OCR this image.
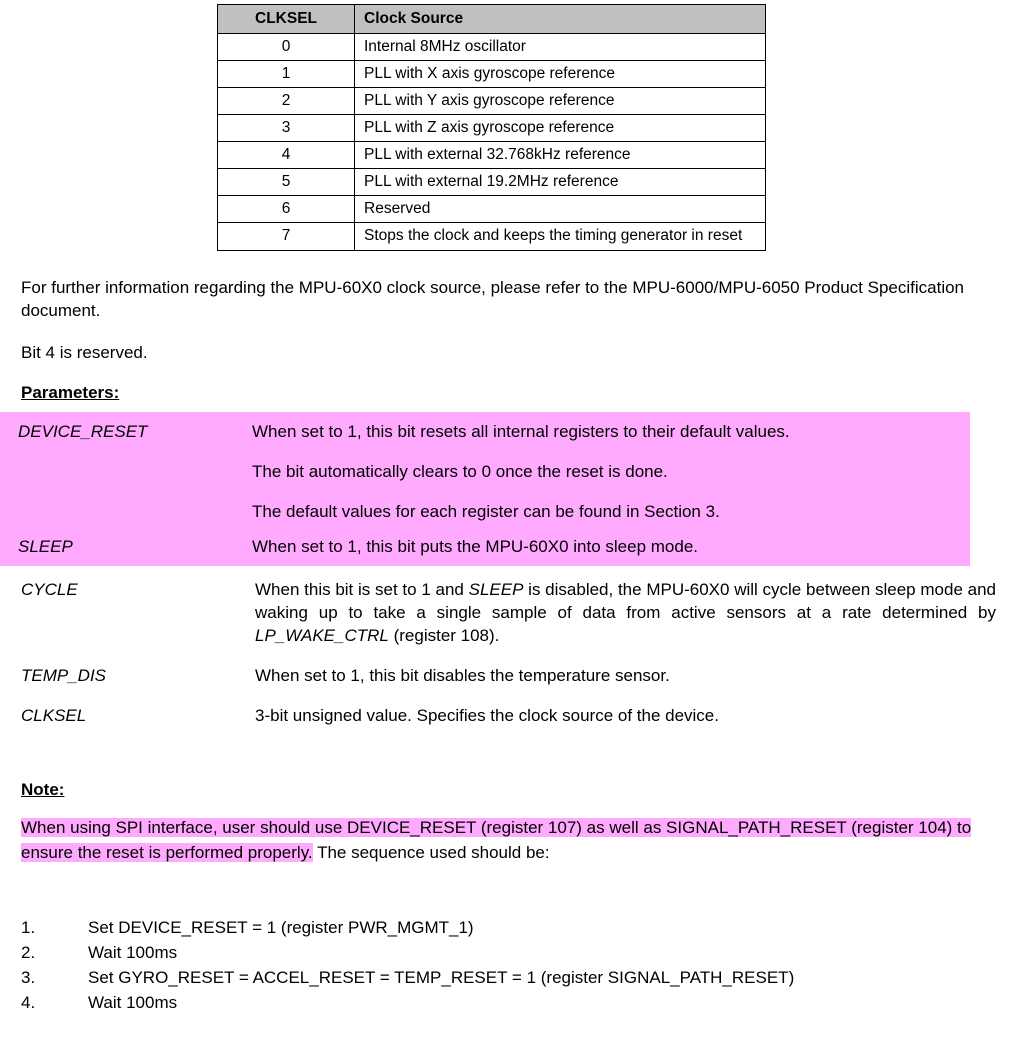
CLKSEL	Clock Source
0	Internal 8MHz oscillator
1	PLL with X axis gyroscope reference
2	PLL with Y axis gyroscope reference
3	PLL with Z axis gyroscope reference
4	PLL with external 32.768kHz reference
5	PLL with external 19.2MHz reference
6	Reserved
7	Stops the clock and keeps the timing generator in reset
For further information regarding the MPU-60X0 clock source, please refer to the MPU-6000/MPU-6050 Product Specification document.
Bit 4 is reserved.
Parameters:
DEVICE_RESET	When set to 1, this bit resets all internal registers to their default values.
The bit automatically clears to 0 once the reset is done.
The default values for each register can be found in Section 3.
SLEEP	When set to 1, this bit puts the MPU-60X0 into sleep mode.
CYCLE	When this bit is set to 1 and SLEEP is disabled, the MPU-60X0 will cycle between sleep mode and waking up to take a single sample of data from active sensors at a rate determined by LP_WAKE_CTRL (register 108).
TEMP_DIS	When set to 1, this bit disables the temperature sensor.
CLKSEL	3-bit unsigned value. Specifies the clock source of the device.
Note:
When using SPI interface, user should use DEVICE_RESET (register 107) as well as SIGNAL_PATH_RESET (register 104) to ensure the reset is performed properly. The sequence used should be:
1.	Set DEVICE_RESET = 1 (register PWR_MGMT_1)
2.	Wait 100ms
3.	Set GYRO_RESET = ACCEL_RESET = TEMP_RESET = 1 (register SIGNAL_PATH_RESET)
4.	Wait 100ms
